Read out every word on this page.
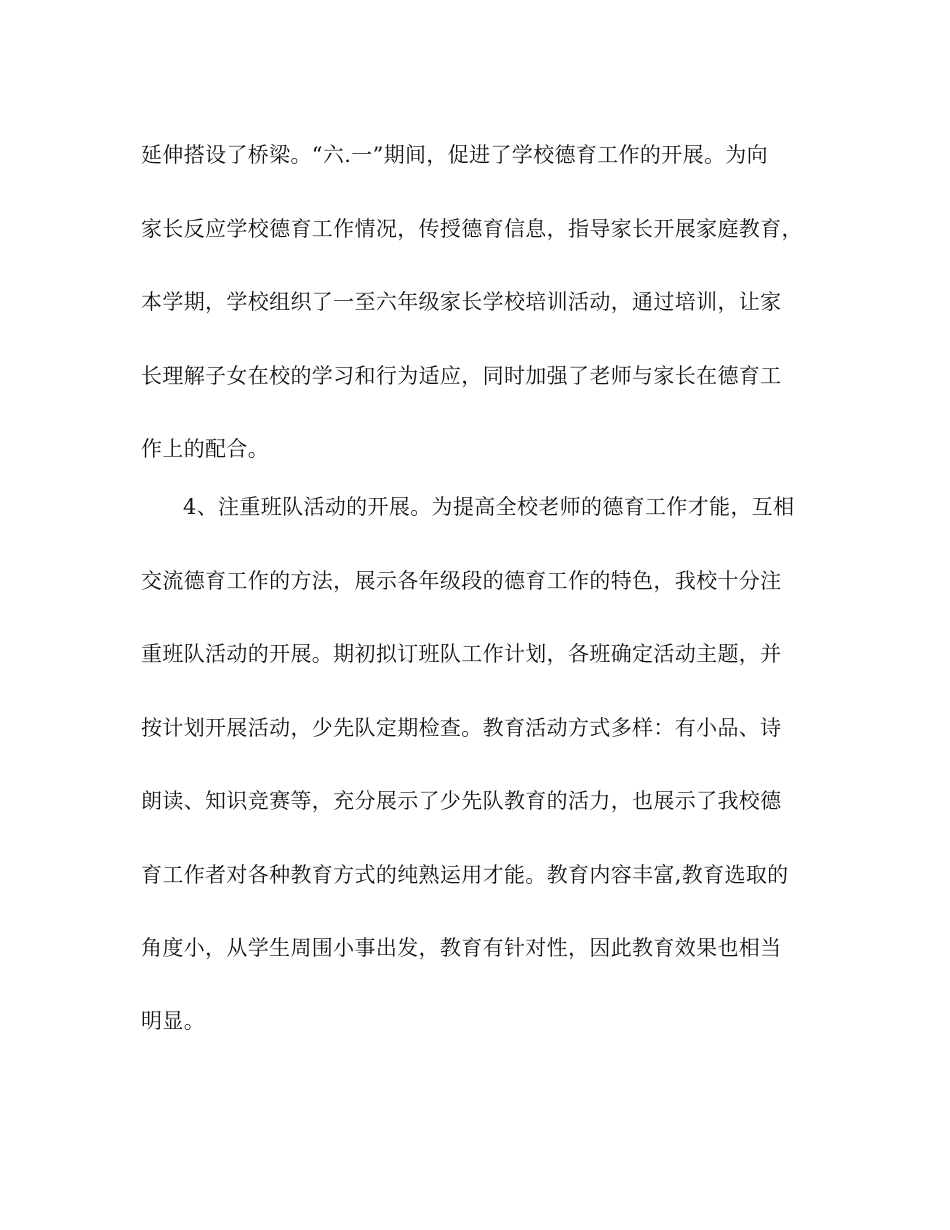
延伸搭设了桥梁。“六.一”期间，促进了学校德育工作的开展。为向
家长反应学校德育工作情况，传授德育信息，指导家长开展家庭教育，
本学期，学校组织了一至六年级家长学校培训活动，通过培训，让家
长理解子女在校的学习和行为适应，同时加强了老师与家长在德育工
作上的配合。
4、注重班队活动的开展。为提高全校老师的德育工作才能，互相
交流德育工作的方法，展示各年级段的德育工作的特色，我校十分注
重班队活动的开展。期初拟订班队工作计划，各班确定活动主题，并
按计划开展活动，少先队定期检查。教育活动方式多样：有小品、诗
朗读、知识竞赛等，充分展示了少先队教育的活力，也展示了我校德
育工作者对各种教育方式的纯熟运用才能。教育内容丰富,教育选取的
角度小，从学生周围小事出发，教育有针对性，因此教育效果也相当
明显。
